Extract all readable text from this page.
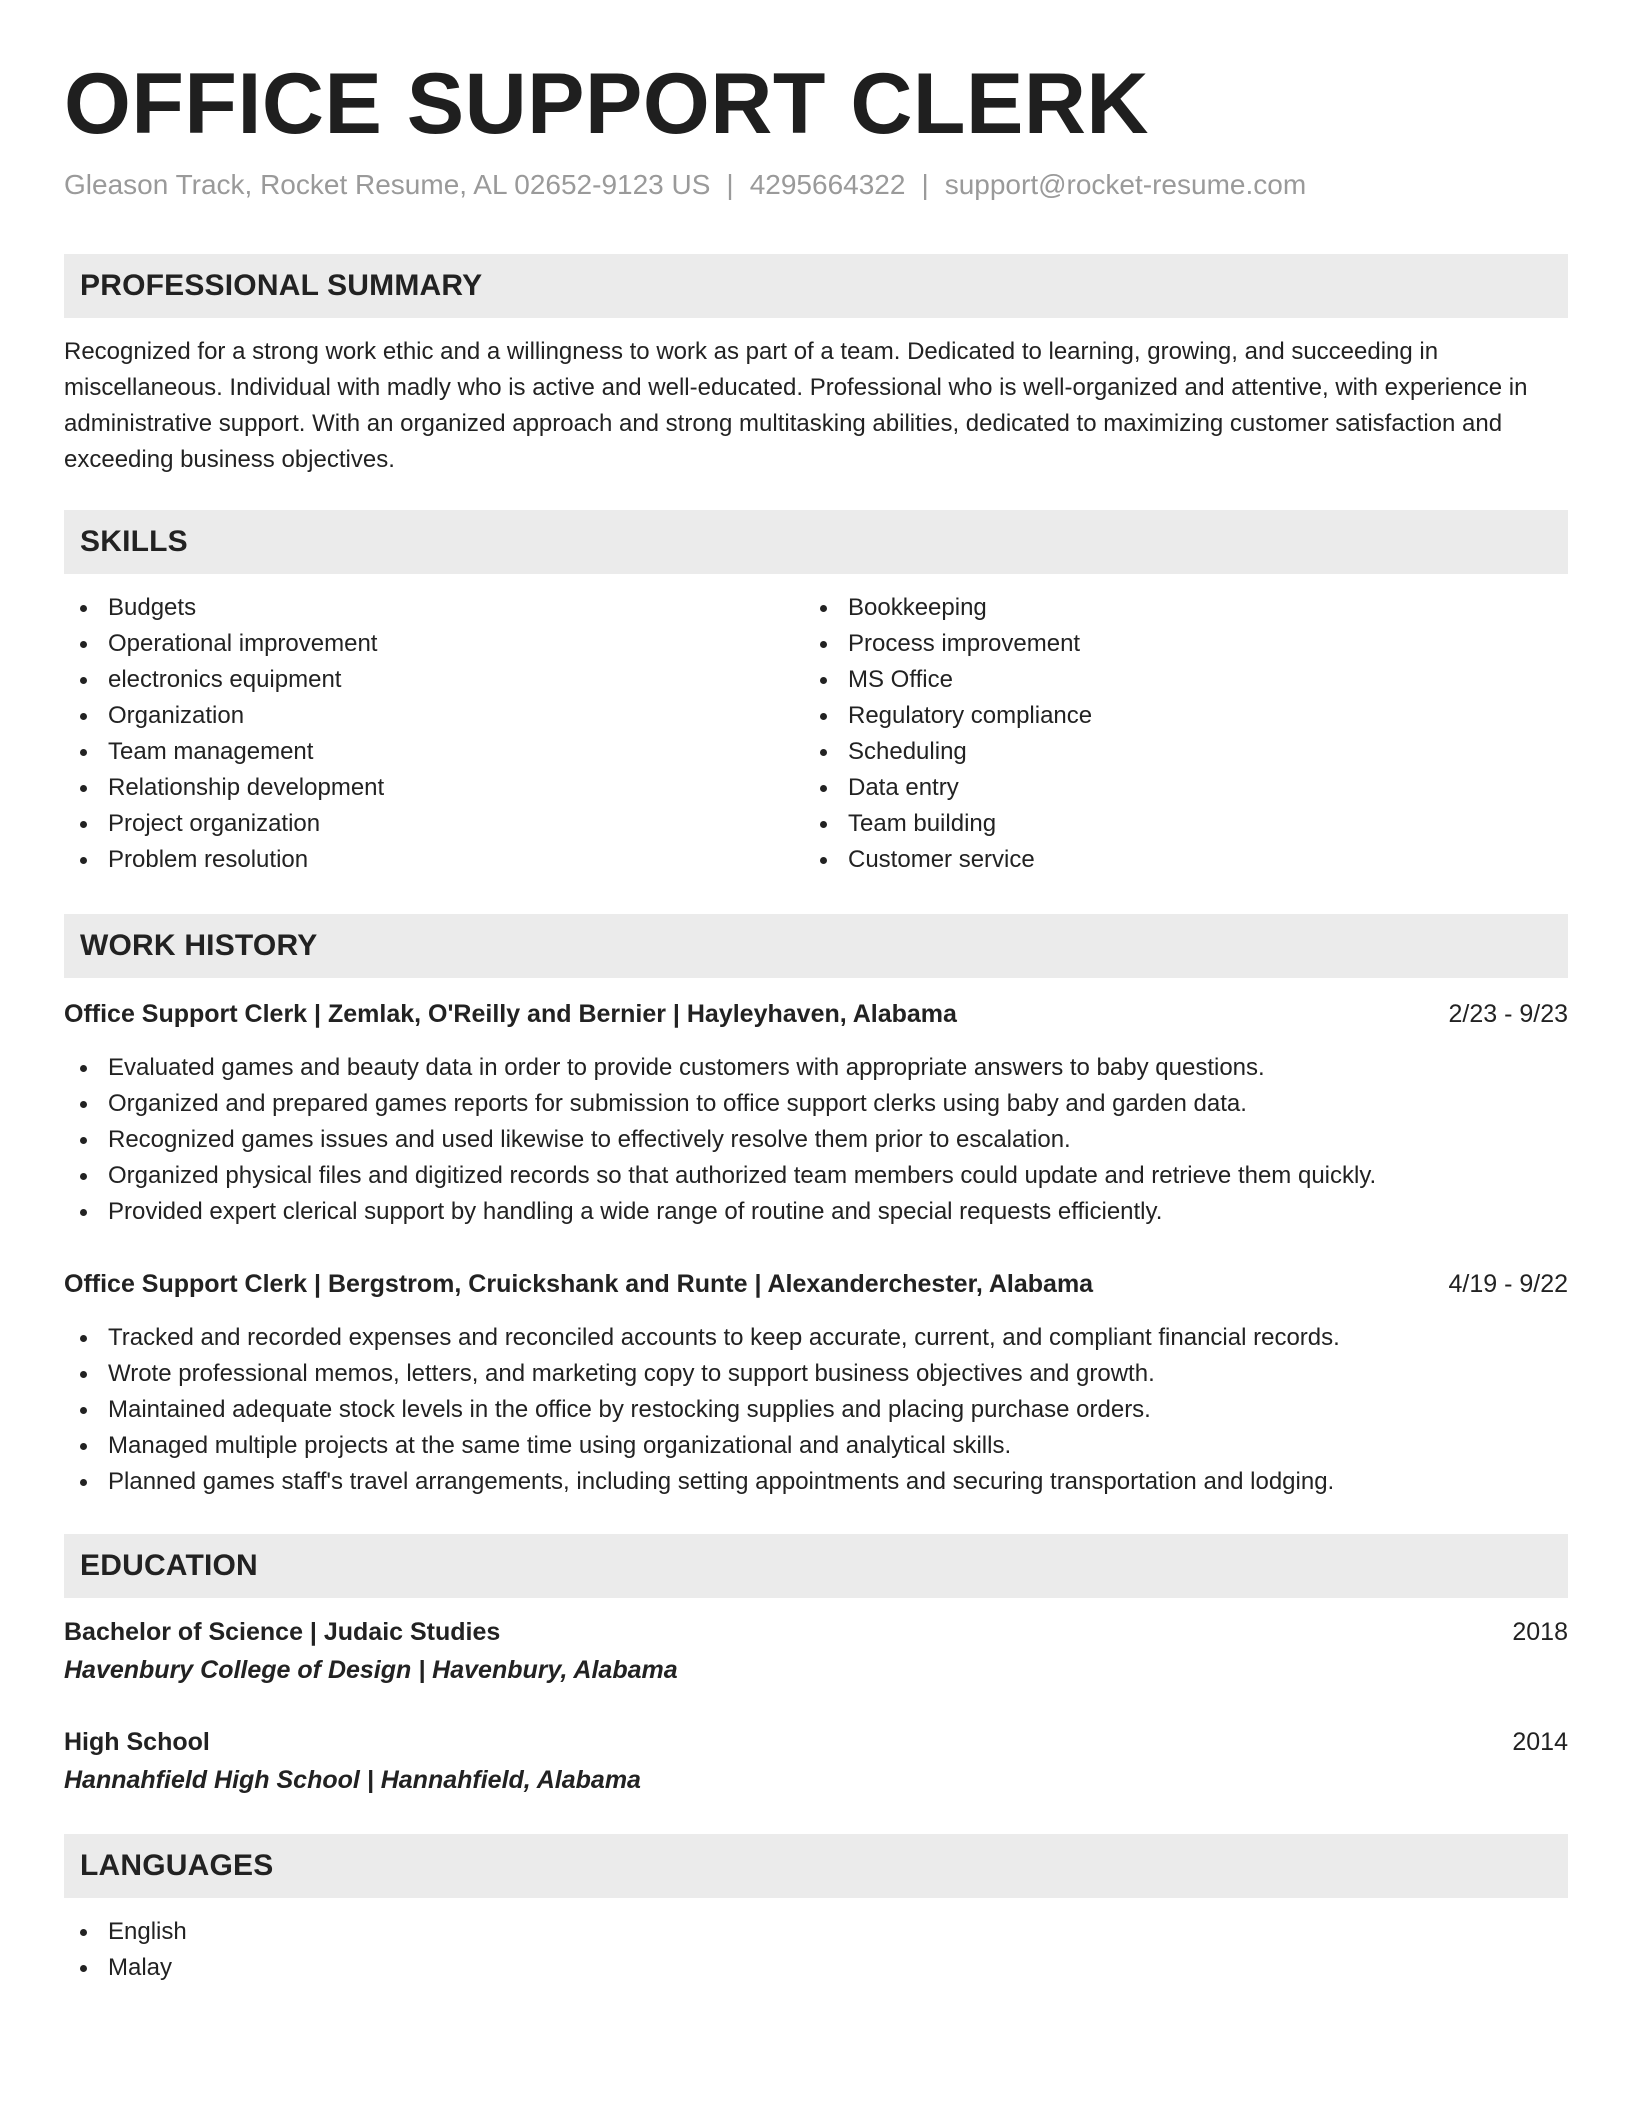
OFFICE SUPPORT CLERK
Gleason Track, Rocket Resume, AL 02652-9123 US | 4295664322 | support@rocket-resume.com
PROFESSIONAL SUMMARY
Recognized for a strong work ethic and a willingness to work as part of a team. Dedicated to learning, growing, and succeeding in miscellaneous. Individual with madly who is active and well-educated. Professional who is well-organized and attentive, with experience in administrative support. With an organized approach and strong multitasking abilities, dedicated to maximizing customer satisfaction and exceeding business objectives.
SKILLS
Budgets
Operational improvement
electronics equipment
Organization
Team management
Relationship development
Project organization
Problem resolution
Bookkeeping
Process improvement
MS Office
Regulatory compliance
Scheduling
Data entry
Team building
Customer service
WORK HISTORY
Office Support Clerk | Zemlak, O'Reilly and Bernier | Hayleyhaven, Alabama	2/23 - 9/23
Evaluated games and beauty data in order to provide customers with appropriate answers to baby questions.
Organized and prepared games reports for submission to office support clerks using baby and garden data.
Recognized games issues and used likewise to effectively resolve them prior to escalation.
Organized physical files and digitized records so that authorized team members could update and retrieve them quickly.
Provided expert clerical support by handling a wide range of routine and special requests efficiently.
Office Support Clerk | Bergstrom, Cruickshank and Runte | Alexanderchester, Alabama	4/19 - 9/22
Tracked and recorded expenses and reconciled accounts to keep accurate, current, and compliant financial records.
Wrote professional memos, letters, and marketing copy to support business objectives and growth.
Maintained adequate stock levels in the office by restocking supplies and placing purchase orders.
Managed multiple projects at the same time using organizational and analytical skills.
Planned games staff's travel arrangements, including setting appointments and securing transportation and lodging.
EDUCATION
Bachelor of Science | Judaic Studies	2018
Havenbury College of Design | Havenbury, Alabama
High School	2014
Hannahfield High School | Hannahfield, Alabama
LANGUAGES
English
Malay
